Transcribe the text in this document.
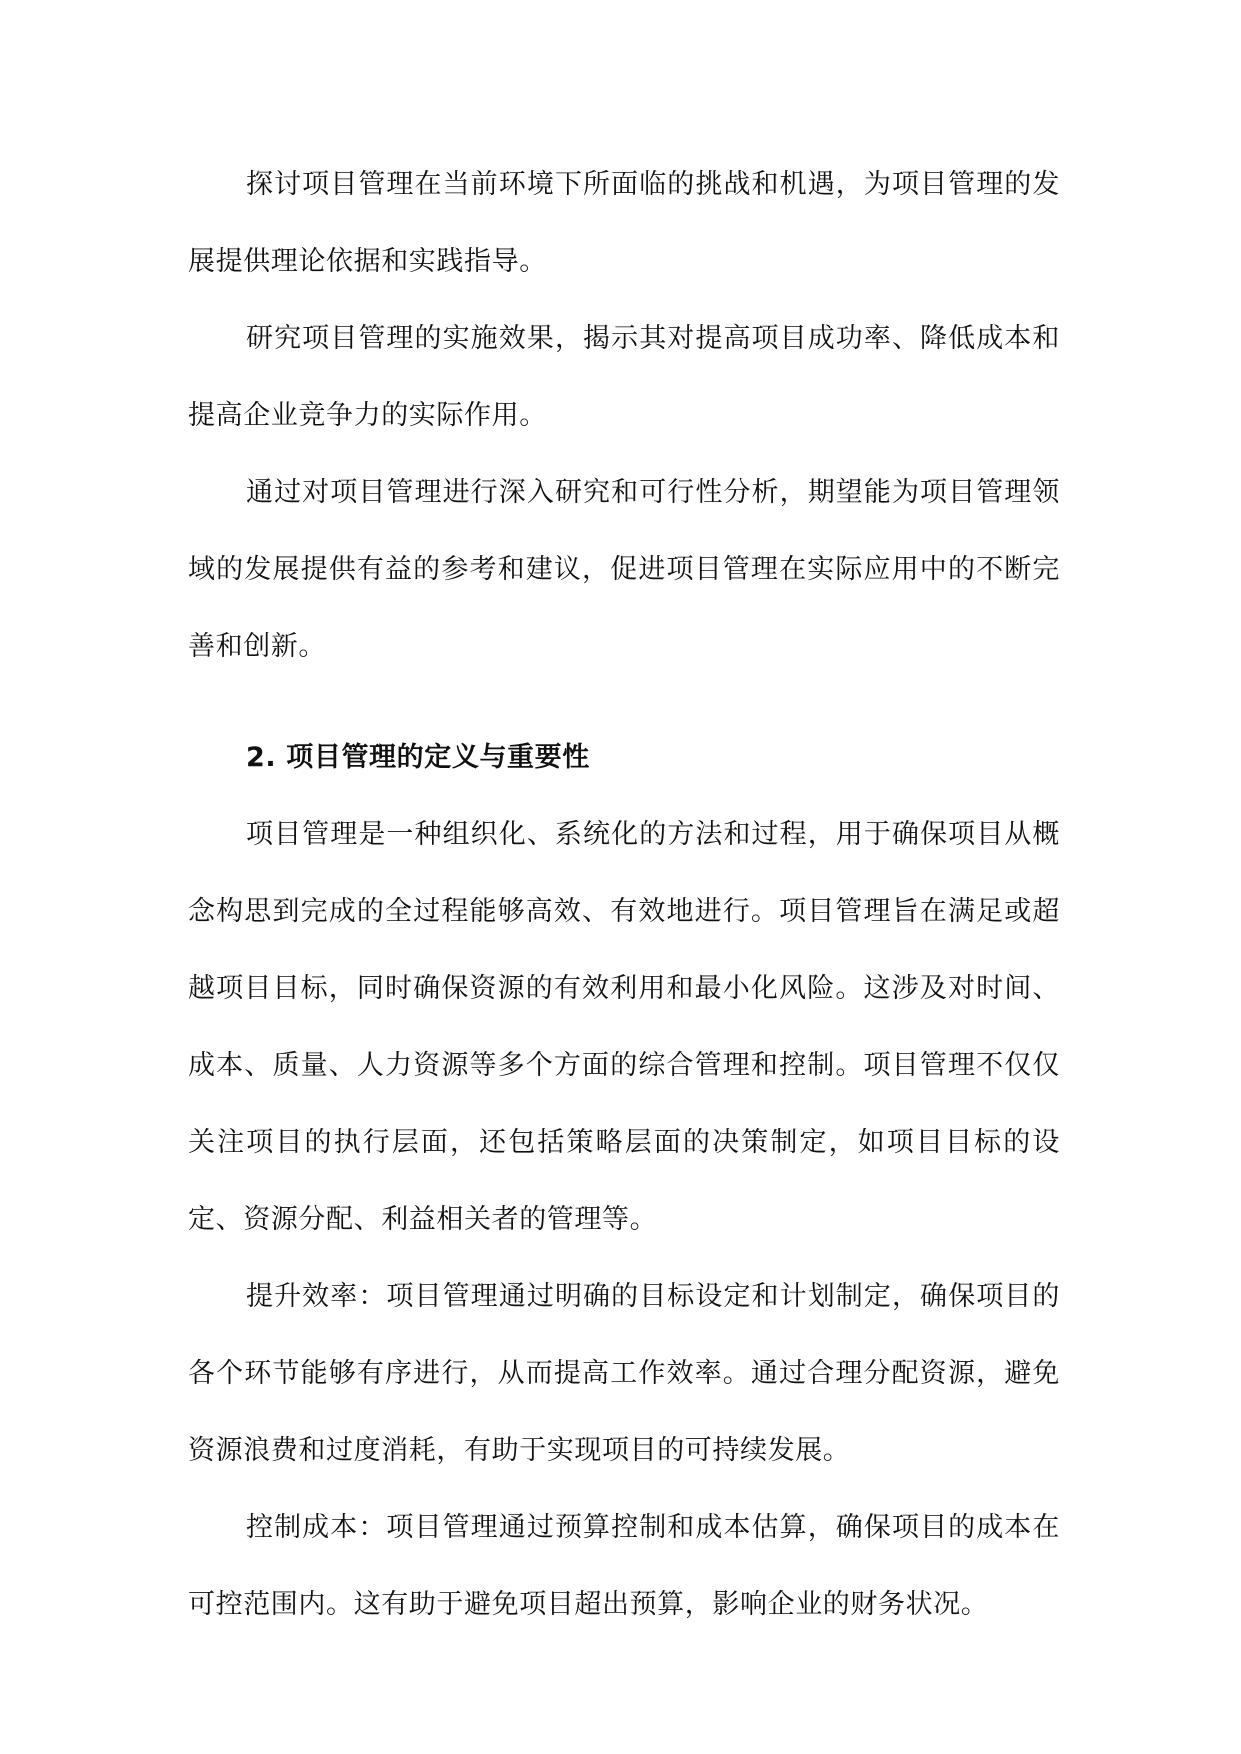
探讨项目管理在当前环境下所面临的挑战和机遇，为项目管理的发展提供理论依据和实践指导。

研究项目管理的实施效果，揭示其对提高项目成功率、降低成本和提高企业竞争力的实际作用。

通过对项目管理进行深入研究和可行性分析，期望能为项目管理领域的发展提供有益的参考和建议，促进项目管理在实际应用中的不断完善和创新。

2. 项目管理的定义与重要性

项目管理是一种组织化、系统化的方法和过程，用于确保项目从概念构思到完成的全过程能够高效、有效地进行。项目管理旨在满足或超越项目目标，同时确保资源的有效利用和最小化风险。这涉及对时间、成本、质量、人力资源等多个方面的综合管理和控制。项目管理不仅仅关注项目的执行层面，还包括策略层面的决策制定，如项目目标的设定、资源分配、利益相关者的管理等。

提升效率：项目管理通过明确的目标设定和计划制定，确保项目的各个环节能够有序进行，从而提高工作效率。通过合理分配资源，避免资源浪费和过度消耗，有助于实现项目的可持续发展。

控制成本：项目管理通过预算控制和成本估算，确保项目的成本在可控范围内。这有助于避免项目超出预算，影响企业的财务状况。
